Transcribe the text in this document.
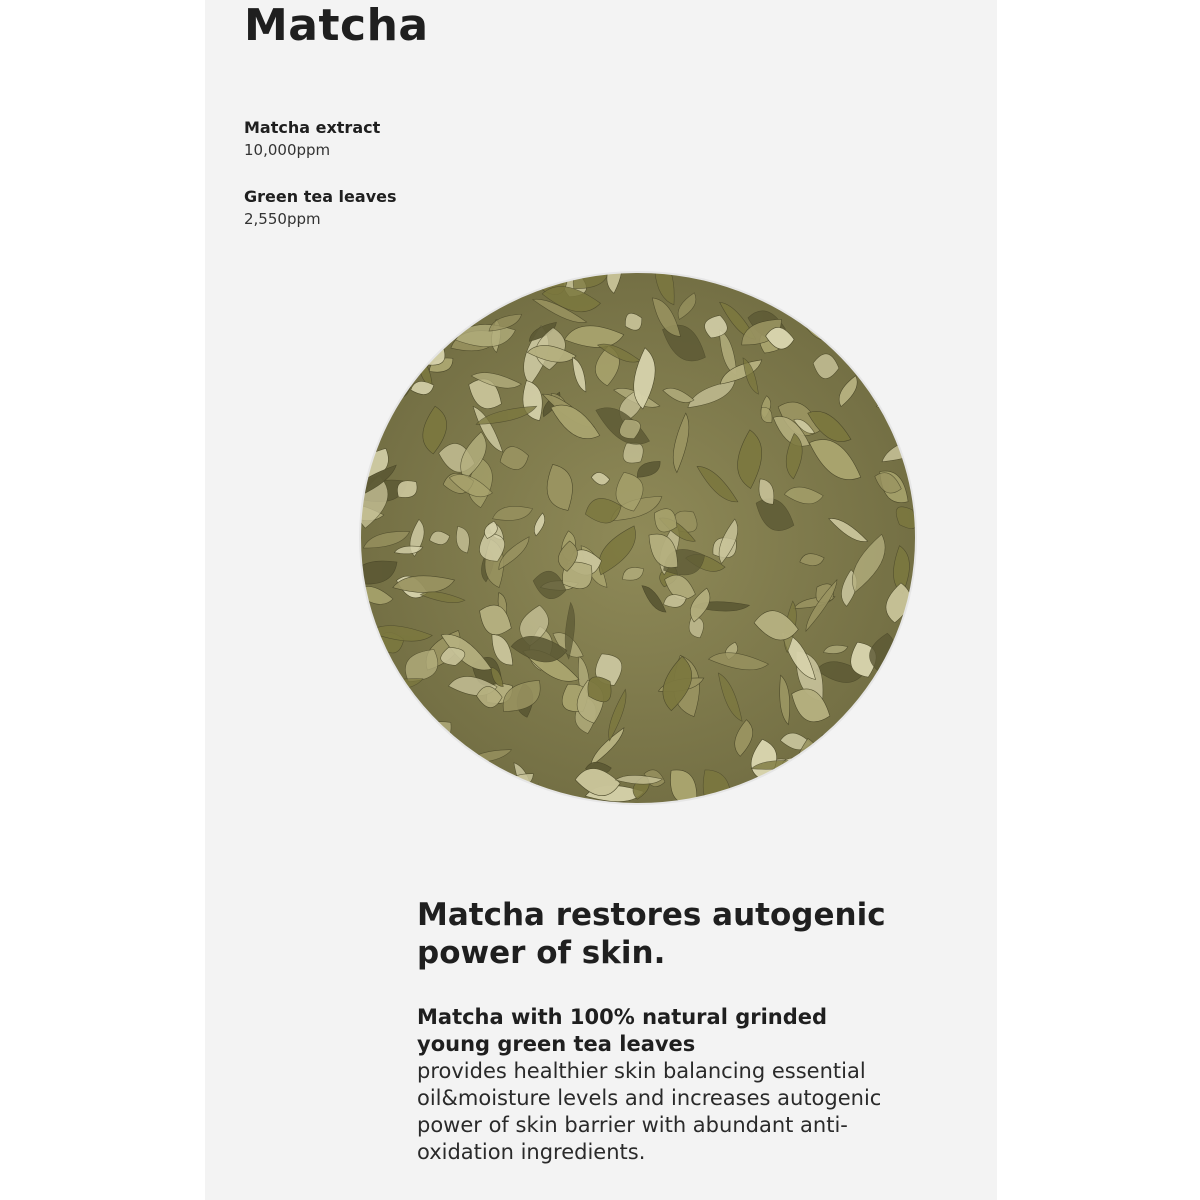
Matcha
Matcha extract
10,000ppm
Green tea leaves
2,550ppm
Matcha restores autogenic
power of skin.
Matcha with 100% natural grinded
young green tea leaves
provides healthier skin balancing essential
oil&moisture levels and increases autogenic
power of skin barrier with abundant anti-
oxidation ingredients.
